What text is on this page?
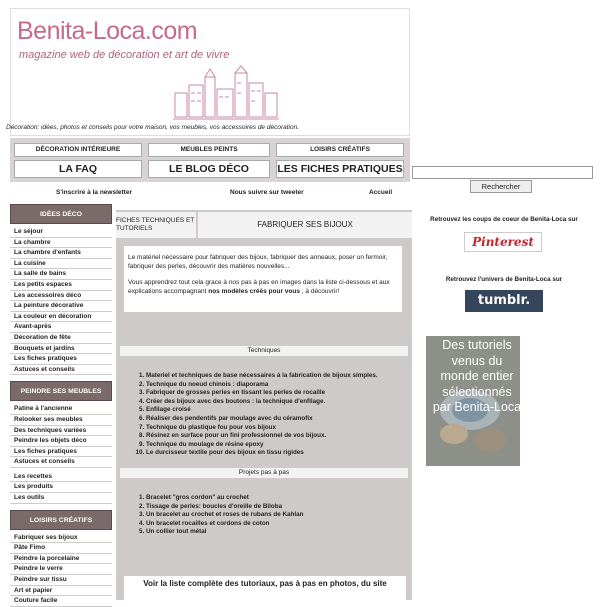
Benita-Loca.com
magazine web de décoration et art de vivre
Décoration: idées, photos et conseils pour votre maison, vos meubles, vos accessoires de décoration.
DÉCORATION INTÉRIEURE	MEUBLES PEINTS	LOISIRS CRÉATIFS
LA FAQ	LE BLOG DÉCO	LES FICHES PRATIQUES
S'inscrire à la newsletter	Nous suivre sur tweeter	Accueil
Rechercher
IDÉES DÉCO
Le séjour
La chambre
La chambre d'enfants
La cuisine
La salle de bains
Les petits espaces
Les accessoires déco
La peinture décorative
La couleur en décoration
Avant-après
Décoration de fête
Bouquets et jardins
Les fiches pratiques
Astuces et conseils
PEINDRE SES MEUBLES
Patine à l'ancienne
Relooker ses meubles
Des techniques variées
Peindre les objets déco
Les fiches pratiques
Astuces et conseils
Les recettes
Les produits
Les outils
LOISIRS CRÉATIFS
Fabriquer ses bijoux
Pâte Fimo
Peindre la porcelaine
Peindre le verre
Peindre sur tissu
Art et papier
Couture facile
FICHES TECHNIQUES ET TUTORIELS	FABRIQUER SES BIJOUX

Le matériel nécessaire pour fabriquer des bijoux, fabriquer des anneaux, poser un fermoir, fabriquer des perles, découvrir des matières nouvelles...

Vous apprendrez tout cela grace à nos pas à pas en images dans la liste ci-dessous et aux explications accompagnant nos modèles créés pour vous , à découvrir!

Techniques
1. Materiel et techniques de base nécessaires à la fabrication de bijoux simples.
2. Technique du noeud chinois : diaporama
3. Fabriquer de grosses perles en tissant les perles de rocaille
4. Créer des bijoux avec des boutons : la technique d'enfilage.
5. Enfilage croisé
6. Réaliser des pendentifs par moulage avec du céramofix
7. Technique du plastique fou pour vos bijoux
8. Résinez en surface pour un fini professionnel de vos bijoux.
9. Technique du moulage de résine epoxy
10. Le durcisseur textile pour des bijoux en tissu rigides
Projets pas à pas
1. Bracelet "gros cordon" au crochet
2. Tissage de perles: boucles d'oreille de Biloba
3. Un bracelet au crochet et roses de rubans de Kahlan
4. Un bracelet rocailles et cordons de coton
5. Un collier tout métal
Voir la liste complète des tutoriaux, pas à pas en photos, du site
Retrouvez les coups de coeur de Benita-Loca sur
Pinterest
Retrouvez l'univers de Benita-Loca sur
tumblr.
Des tutoriels venus du monde entier sélectionnés par Benita-Loca
